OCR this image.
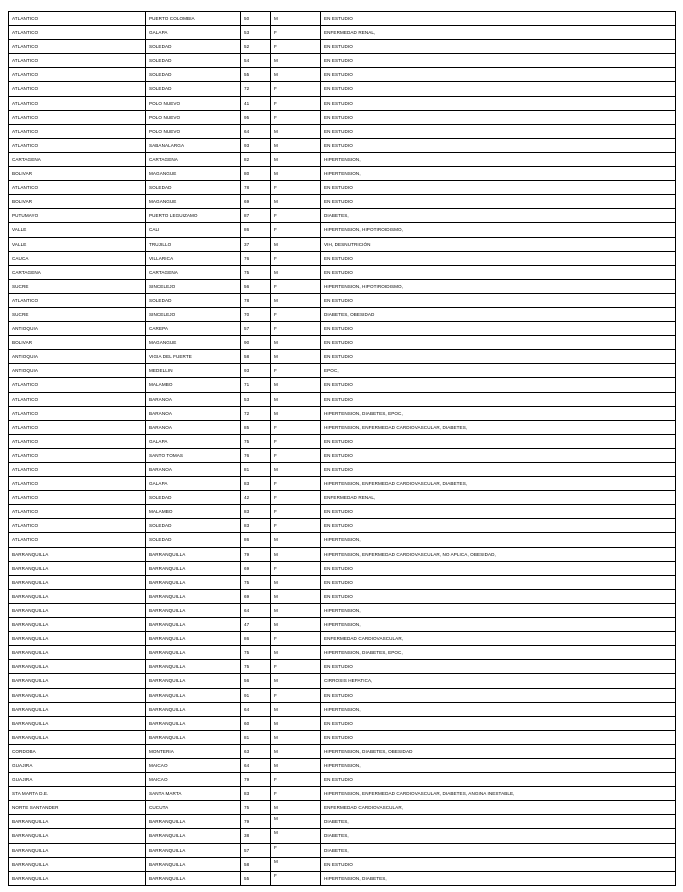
ATLANTICO	PUERTO COLOMBIA	50	M	EN ESTUDIO
ATLANTICO	GALAPA	53	F	ENFERMEDAD RENAL,
ATLANTICO	SOLEDAD	52	F	EN ESTUDIO
ATLANTICO	SOLEDAD	54	M	EN ESTUDIO
ATLANTICO	SOLEDAD	55	M	EN ESTUDIO
ATLANTICO	SOLEDAD	72	F	EN ESTUDIO
ATLANTICO	POLO NUEVO	41	F	EN ESTUDIO
ATLANTICO	POLO NUEVO	95	F	EN ESTUDIO
ATLANTICO	POLO NUEVO	64	M	EN ESTUDIO
ATLANTICO	SABANALARGA	93	M	EN ESTUDIO
CARTAGENA	CARTAGENA	82	M	HIPERTENSION,
BOLIVAR	MAGANGUE	80	M	HIPERTENSION,
ATLANTICO	SOLEDAD	78	F	EN ESTUDIO
BOLIVAR	MAGANGUE	69	M	EN ESTUDIO
PUTUMAYO	PUERTO LEGUIZAMO	87	F	DIABETES,
VALLE	CALI	86	F	HIPERTENSION, HIPOTIROIDISMO,
VALLE	TRUJILLO	37	M	VIH, DESNUTRICIÓN
CAUCA	VILLARICA	76	F	EN ESTUDIO
CARTAGENA	CARTAGENA	75	M	EN ESTUDIO
SUCRE	SINCELEJO	56	F	HIPERTENSION, HIPOTIROIDISMO,
ATLANTICO	SOLEDAD	78	M	EN ESTUDIO
SUCRE	SINCELEJO	70	F	DIABETES, OBESIDAD
ANTIOQUIA	CAREPA	57	F	EN ESTUDIO
BOLIVAR	MAGANGUE	90	M	EN ESTUDIO
ANTIOQUIA	VIGIA DEL FUERTE	58	M	EN ESTUDIO
ANTIOQUIA	MEDELLIN	93	F	EPOC,
ATLANTICO	MALAMBO	71	M	EN ESTUDIO
ATLANTICO	BARANOA	53	M	EN ESTUDIO
ATLANTICO	BARANOA	72	M	HIPERTENSION, DIABETES, EPOC,
ATLANTICO	BARANOA	85	F	HIPERTENSION, ENFERMEDAD CARDIOVASCULAR, DIABETES,
ATLANTICO	GALAPA	75	F	EN ESTUDIO
ATLANTICO	SANTO TOMAS	76	F	EN ESTUDIO
ATLANTICO	BARANOA	81	M	EN ESTUDIO
ATLANTICO	GALAPA	83	F	HIPERTENSION, ENFERMEDAD CARDIOVASCULAR, DIABETES,
ATLANTICO	SOLEDAD	42	F	ENFERMEDAD RENAL,
ATLANTICO	MALAMBO	83	F	EN ESTUDIO
ATLANTICO	SOLEDAD	83	F	EN ESTUDIO
ATLANTICO	SOLEDAD	86	M	HIPERTENSION,
BARRANQUILLA	BARRANQUILLA	79	M	HIPERTENSION, ENFERMEDAD CARDIOVASCULAR, NO APLICA, OBESIDAD,
BARRANQUILLA	BARRANQUILLA	69	F	EN ESTUDIO
BARRANQUILLA	BARRANQUILLA	75	M	EN ESTUDIO
BARRANQUILLA	BARRANQUILLA	69	M	EN ESTUDIO
BARRANQUILLA	BARRANQUILLA	64	M	HIPERTENSION,
BARRANQUILLA	BARRANQUILLA	47	M	HIPERTENSION,
BARRANQUILLA	BARRANQUILLA	86	F	ENFERMEDAD CARDIOVASCULAR,
BARRANQUILLA	BARRANQUILLA	75	M	HIPERTENSION, DIABETES, EPOC,
BARRANQUILLA	BARRANQUILLA	75	F	EN ESTUDIO
BARRANQUILLA	BARRANQUILLA	56	M	CIRROSIS HEPATICA,
BARRANQUILLA	BARRANQUILLA	91	F	EN ESTUDIO
BARRANQUILLA	BARRANQUILLA	64	M	HIPERTENSION,
BARRANQUILLA	BARRANQUILLA	60	M	EN ESTUDIO
BARRANQUILLA	BARRANQUILLA	81	M	EN ESTUDIO
CORDOBA	MONTERIA	63	M	HIPERTENSION, DIABETES, OBESIDAD
GUAJIRA	MAICAO	64	M	HIPERTENSION,
GUAJIRA	MAICAO	79	F	EN ESTUDIO
STA MARTA D.E.	SANTA MARTA	83	F	HIPERTENSION, ENFERMEDAD CARDIOVASCULAR, DIABETES, ANGINA INESTABLE,
NORTE SANTANDER	CUCUTA	75	M	ENFERMEDAD CARDIOVASCULAR,
BARRANQUILLA	BARRANQUILLA	79	M	DIABETES,
BARRANQUILLA	BARRANQUILLA	38	M	DIABETES,
BARRANQUILLA	BARRANQUILLA	57	F	DIABETES,
BARRANQUILLA	BARRANQUILLA	58	M	EN ESTUDIO
BARRANQUILLA	BARRANQUILLA	55	F	HIPERTENSION, DIABETES,
